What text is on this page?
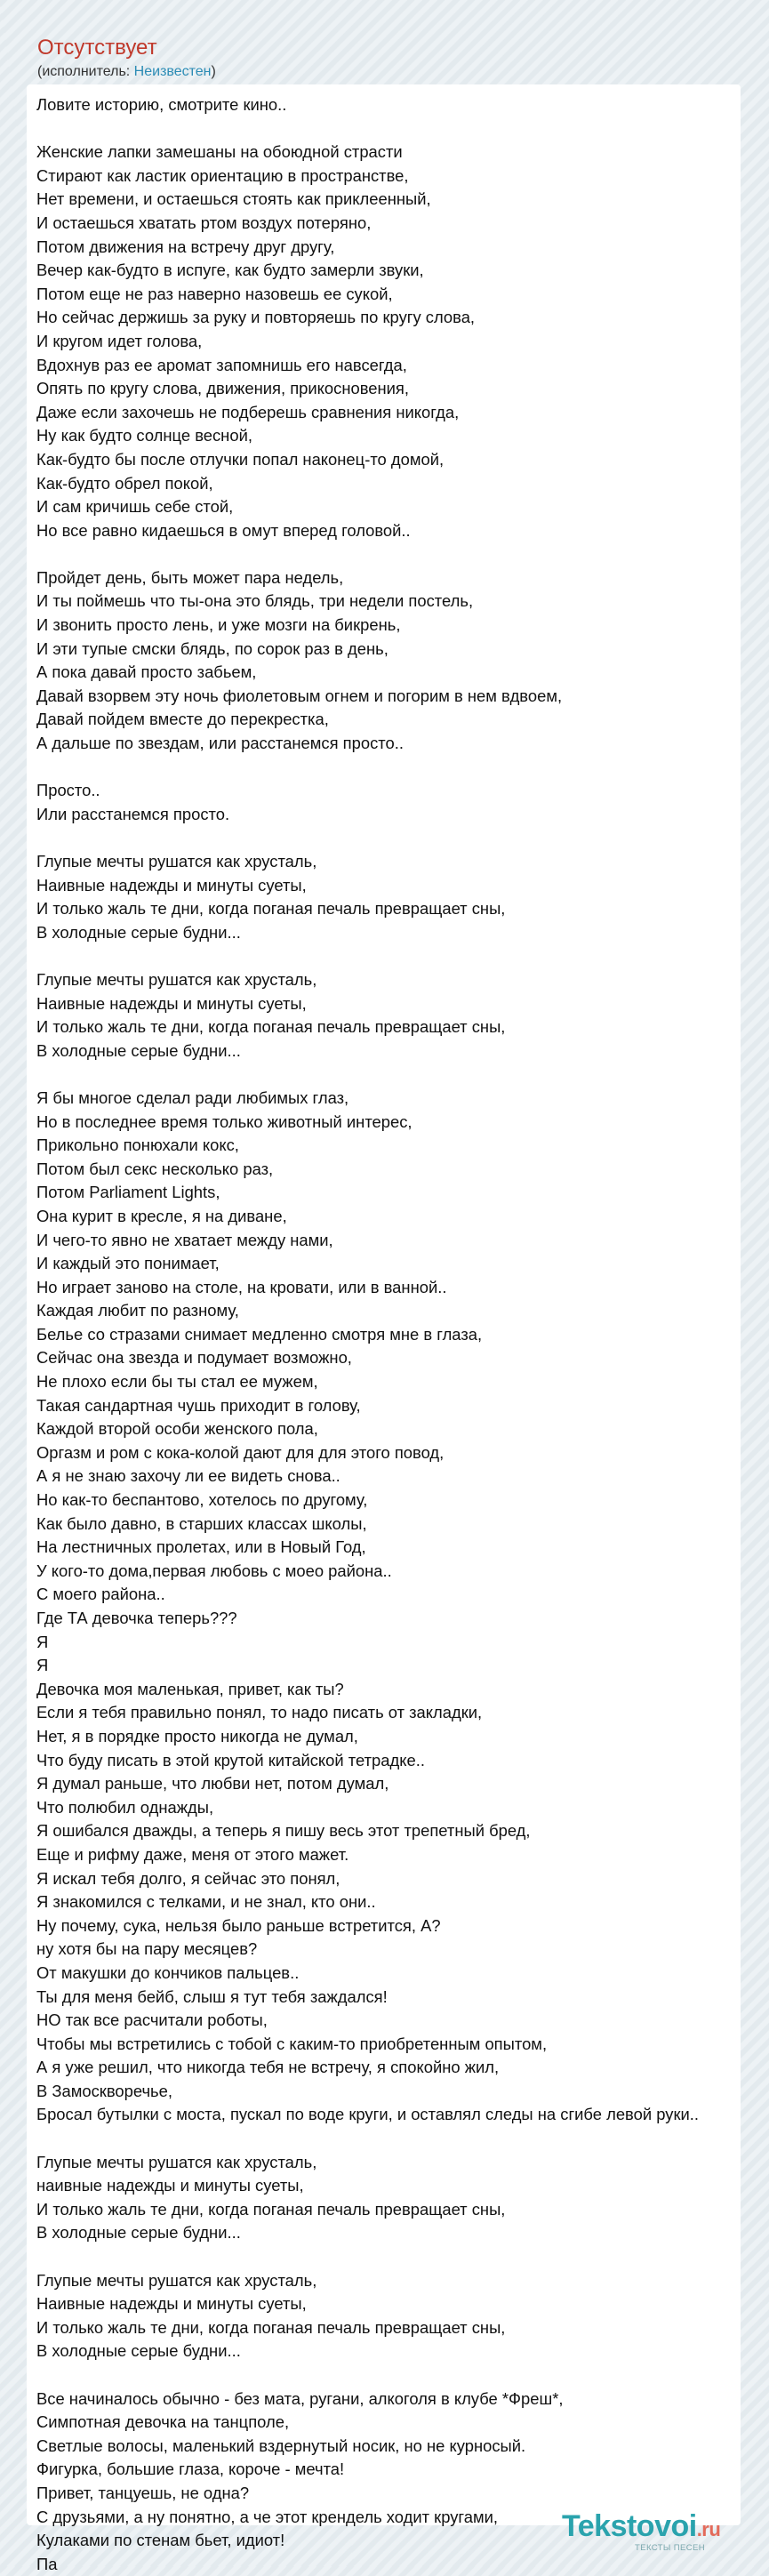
Отсутствует
(исполнитель: Неизвестен)
Ловите историю, смотрите кино..

Женские лапки замешаны на обоюдной страсти
Стирают как ластик ориентацию в пространстве,
Нет времени, и остаешься стоять как приклеенный,
И остаешься хватать ртом воздух потеряно,
Потом движения на встречу друг другу,
Вечер как-будто в испуге, как будто замерли звуки,
Потом еще не раз наверно назовешь ее сукой,
Но сейчас держишь за руку и повторяешь по кругу слова,
И кругом идет голова,
Вдохнув раз ее аромат запомнишь его навсегда,
Опять по кругу слова, движения, прикосновения,
Даже если захочешь не подберешь сравнения никогда,
Ну как будто солнце весной,
Как-будто бы после отлучки попал наконец-то домой,
Как-будто обрел покой,
И сам кричишь себе стой,
Но все равно кидаешься в омут вперед головой..

Пройдет день, быть может пара недель,
И ты поймешь что ты-она это блядь, три недели постель,
И звонить просто лень, и уже мозги на бикрень,
И эти тупые смски блядь, по сорок раз в день,
А пока давай просто забьем,
Давай взорвем эту ночь фиолетовым огнем и погорим в нем вдвоем,
Давай пойдем вместе до перекрестка,
А дальше по звездам, или расстанемся просто..

Просто..
Или расстанемся просто.

Глупые мечты рушатся как хрусталь,
Наивные надежды и минуты суеты,
И только жаль те дни, когда поганая печаль превращает сны,
В холодные серые будни...

Глупые мечты рушатся как хрусталь,
Наивные надежды и минуты суеты,
И только жаль те дни, когда поганая печаль превращает сны,
В холодные серые будни...

Я бы многое сделал ради любимых глаз,
Но в последнее время только животный интерес,
Прикольно понюхали кокс,
Потом был секс несколько раз,
Потом Parliament Lights,
Она курит в кресле, я на диване,
И чего-то явно не хватает между нами,
И каждый это понимает,
Но играет заново на столе, на кровати, или в ванной..
Каждая любит по разному,
Белье со стразами снимает медленно смотря мне в глаза,
Сейчас она звезда и подумает возможно,
Не плохо если бы ты стал ее мужем,
Такая сандартная чушь приходит в голову,
Каждой второй особи женского пола,
Оргазм и ром с кока-колой дают для для этого повод,
А я не знаю захочу ли ее видеть снова..
Но как-то беспантово, хотелось по другому,
Как было давно, в старших классах школы,
На лестничных пролетах, или в Новый Год,
У кого-то дома,первая любовь с моео района..
С моего района..
Где ТА девочка теперь???
Я
Я
Девочка моя маленькая, привет, как ты?
Если я тебя правильно понял, то надо писать от закладки,
Нет, я в порядке просто никогда не думал,
Что буду писать в этой крутой китайской тетрадке..
Я думал раньше, что любви нет, потом думал,
Что полюбил однажды,
Я ошибался дважды, а теперь я пишу весь этот трепетный бред,
Еще и рифму даже, меня от этого мажет.
Я искал тебя долго, я сейчас это понял,
Я знакомился с телками, и не знал, кто они..
Ну почему, сука, нельзя было раньше встретится, А?
ну хотя бы на пару месяцев?
От макушки до кончиков пальцев..
Ты для меня бейб, слыш я тут тебя заждался!
НО так все расчитали роботы,
Чтобы мы встретились с тобой с каким-то приобретенным опытом,
А я уже решил, что никогда тебя не встречу, я спокойно жил,
В Замоскворечье,
Бросал бутылки с моста, пускал по воде круги, и оставлял следы на сгибе левой руки..

Глупые мечты рушатся как хрусталь,
наивные надежды и минуты суеты,
И только жаль те дни, когда поганая печаль превращает сны,
В холодные серые будни...

Глупые мечты рушатся как хрусталь,
Наивные надежды и минуты суеты,
И только жаль те дни, когда поганая печаль превращает сны,
В холодные серые будни...

Все начиналось обычно - без мата, ругани, алкоголя в клубе *Фреш*,
Симпотная девочка на танцполе,
Светлые волосы, маленький вздернутый носик, но не курносый.
Фигурка, большие глаза, короче - мечта!
Привет, танцуешь, не одна?
С друзьями, а ну понятно, а че этот крендель ходит кругами,
Кулаками по стенам бьет, идиот!
Па
Tekstovoi.ru
ТЕКСТЫ ПЕСЕН
